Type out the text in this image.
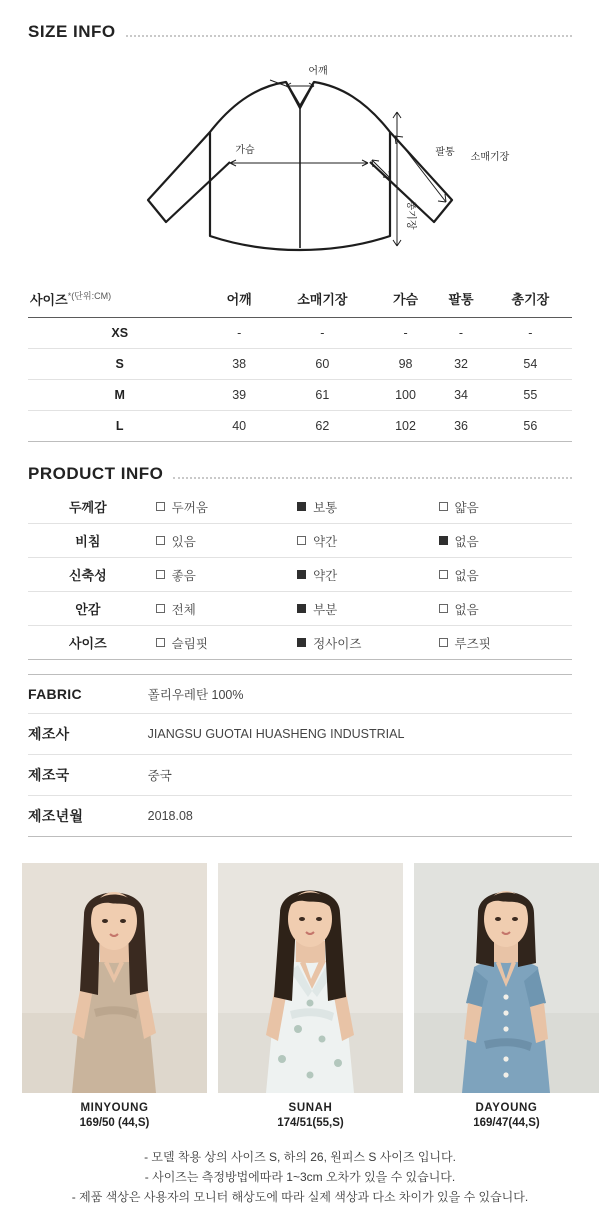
SIZE INFO
어깨
가슴	팔통 소매기장
총기장
사이즈$^{*(단위:CM)}$	어깨	소매기장	가슴	팔통	총기장
XS	-	-	-	-	-
S	38	60	98	32	54
M	39	61	100	34	55
L	40	62	102	36	56
PRODUCT INFO
두께감	두꺼움	보통	얇음

비침	있음	약간	없음

신축성	좋음	약간	없음

안감	전체	부분	없음

사이즈	슬림핏	정사이즈	루즈핏
FABRIC	폴리우레탄 100%
제조사	JIANGSU GUOTAI HUASHENG INDUSTRIAL
제조국	중국
제조년월	2018.08
MINYOUNG
169/50 (44,S)
SUNAH
174/51(55,S)
DAYOUNG
169/47(44,S)
- 모델 착용 상의 사이즈 S, 하의 26, 원피스 S 사이즈 입니다.
- 사이즈는 측정방법에따라 1~3cm 오차가 있을 수 있습니다.
- 제품 색상은 사용자의 모니터 해상도에 따라 실제 색상과 다소 차이가 있을 수 있습니다.
